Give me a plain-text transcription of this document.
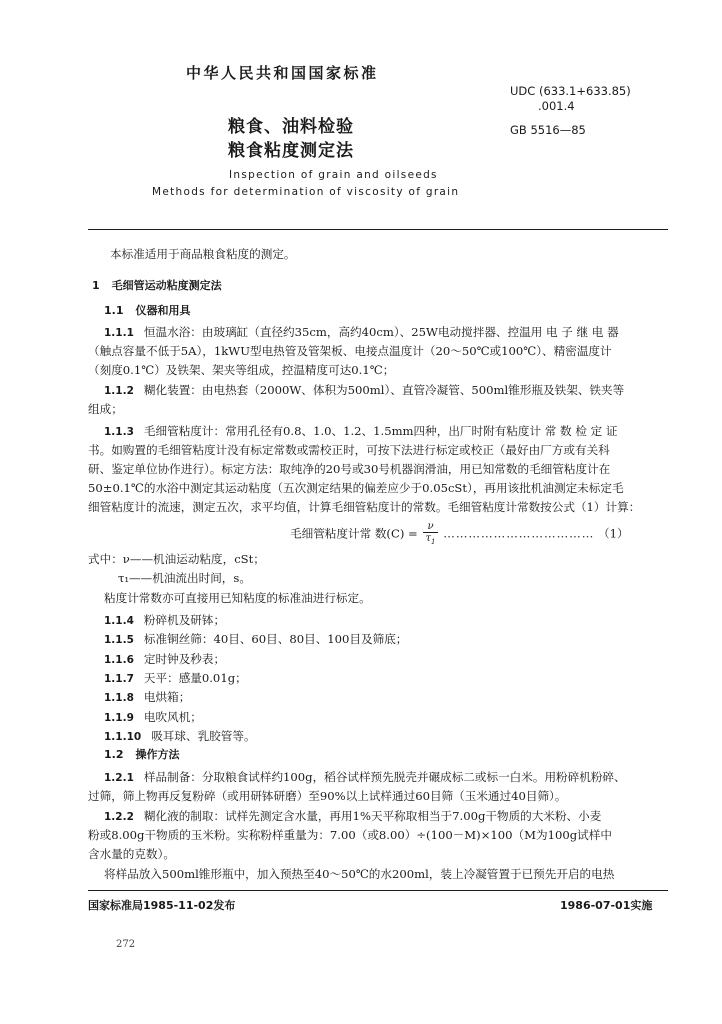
中华人民共和国国家标准
UDC (633.1+633.85)
.001.4
GB 5516—85
粮食、油料检验
粮食粘度测定法
Inspection of grain and oilseeds
Methods for determination of viscosity of grain
本标准适用于商品粮食粘度的测定。
1 毛细管运动粘度测定法
1.1 仪器和用具
1.1.1 恒温水浴：由玻璃缸（直径约35cm，高约40cm）、25W电动搅拌器、控温用 电 子 继 电 器
（触点容量不低于5A），1kWU型电热管及管架板、电接点温度计（20～50℃或100℃）、精密温度计
（刻度0.1℃）及铁架、架夹等组成，控温精度可达0.1℃；
1.1.2 糊化装置：由电热套（2000W、体积为500ml）、直管冷凝管、500ml锥形瓶及铁架、铁夹等
组成；
1.1.3 毛细管粘度计：常用孔径有0.8、1.0、1.2、1.5mm四种，出厂时附有粘度计 常 数 检 定 证
书。如购置的毛细管粘度计没有标定常数或需校正时，可按下法进行标定或校正（最好由厂方或有关科
研、鉴定单位协作进行）。标定方法：取纯净的20号或30号机器润滑油，用已知常数的毛细管粘度计在
50±0.1℃的水浴中测定其运动粘度（五次测定结果的偏差应少于0.05cSt），再用该批机油测定未标定毛
细管粘度计的流速，测定五次，求平均值，计算毛细管粘度计的常数。毛细管粘度计常数按公式（1）计算：
毛细管粘度计常 数$(C) = \frac{\nu}{\tau_1}$ ……………………………… （1）
式中：ν——机油运动粘度，cSt；
τ₁——机油流出时间，s。
粘度计常数亦可直接用已知粘度的标准油进行标定。
1.1.4 粉碎机及研钵；
1.1.5 标准铜丝筛：40目、60目、80目、100目及筛底；
1.1.6 定时钟及秒表；
1.1.7 天平：感量0.01g；
1.1.8 电烘箱；
1.1.9 电吹风机；
1.1.10 吸耳球、乳胶管等。
1.2 操作方法
1.2.1 样品制备：分取粮食试样约100g，稻谷试样预先脱壳并碾成标二或标一白米。用粉碎机粉碎、
过筛，筛上物再反复粉碎（或用研钵研磨）至90%以上试样通过60目筛（玉米通过40目筛）。
1.2.2 糊化液的制取：试样先测定含水量，再用1%天平称取相当于7.00g干物质的大米粉、小麦
粉或8.00g干物质的玉米粉。实称粉样重量为：7.00（或8.00）÷(100－M)×100（M为100g试样中
含水量的克数）。
将样品放入500ml锥形瓶中，加入预热至40～50℃的水200ml，装上冷凝管置于已预先开启的电热
国家标准局1985-11-02发布	1986-07-01实施
272
